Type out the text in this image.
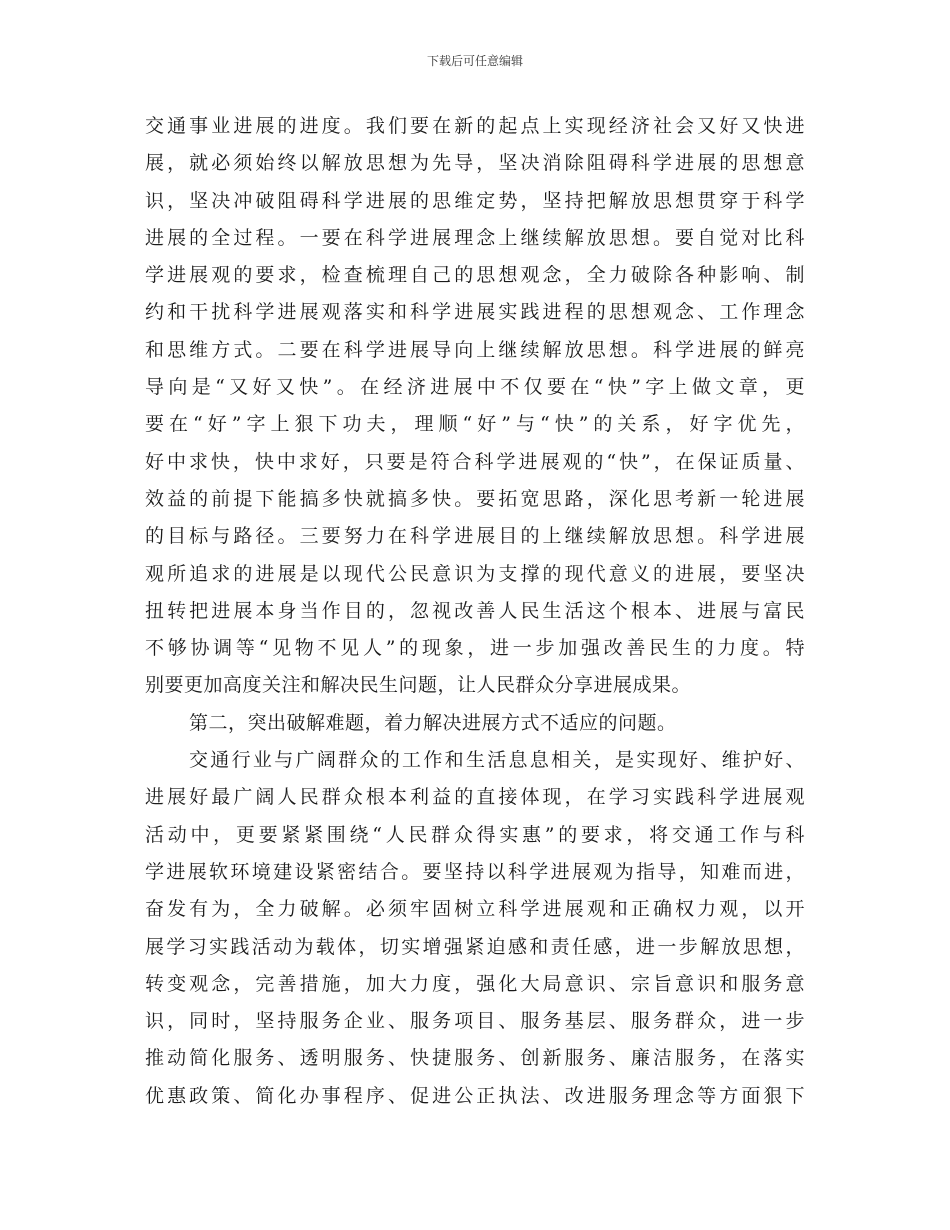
下载后可任意编辑
交通事业进展的进度。我们要在新的起点上实现经济社会又好又快进
展，就必须始终以解放思想为先导，坚决消除阻碍科学进展的思想意
识，坚决冲破阻碍科学进展的思维定势，坚持把解放思想贯穿于科学
进展的全过程。一要在科学进展理念上继续解放思想。要自觉对比科
学进展观的要求，检查梳理自己的思想观念，全力破除各种影响、制
约和干扰科学进展观落实和科学进展实践进程的思想观念、工作理念
和思维方式。二要在科学进展导向上继续解放思想。科学进展的鲜亮
导向是“又好又快”。在经济进展中不仅要在“快”字上做文章，更
要在“好”字上狠下功夫，理顺“好”与“快”的关系，好字优先，
好中求快，快中求好，只要是符合科学进展观的“快”，在保证质量、
效益的前提下能搞多快就搞多快。要拓宽思路，深化思考新一轮进展
的目标与路径。三要努力在科学进展目的上继续解放思想。科学进展
观所追求的进展是以现代公民意识为支撑的现代意义的进展，要坚决
扭转把进展本身当作目的，忽视改善人民生活这个根本、进展与富民
不够协调等“见物不见人”的现象，进一步加强改善民生的力度。特
别要更加高度关注和解决民生问题，让人民群众分享进展成果。
第二，突出破解难题，着力解决进展方式不适应的问题。
交通行业与广阔群众的工作和生活息息相关，是实现好、维护好、
进展好最广阔人民群众根本利益的直接体现，在学习实践科学进展观
活动中，更要紧紧围绕“人民群众得实惠”的要求，将交通工作与科
学进展软环境建设紧密结合。要坚持以科学进展观为指导，知难而进，
奋发有为，全力破解。必须牢固树立科学进展观和正确权力观，以开
展学习实践活动为载体，切实增强紧迫感和责任感，进一步解放思想，
转变观念，完善措施，加大力度，强化大局意识、宗旨意识和服务意
识，同时，坚持服务企业、服务项目、服务基层、服务群众，进一步
推动简化服务、透明服务、快捷服务、创新服务、廉洁服务，在落实
优惠政策、简化办事程序、促进公正执法、改进服务理念等方面狠下
